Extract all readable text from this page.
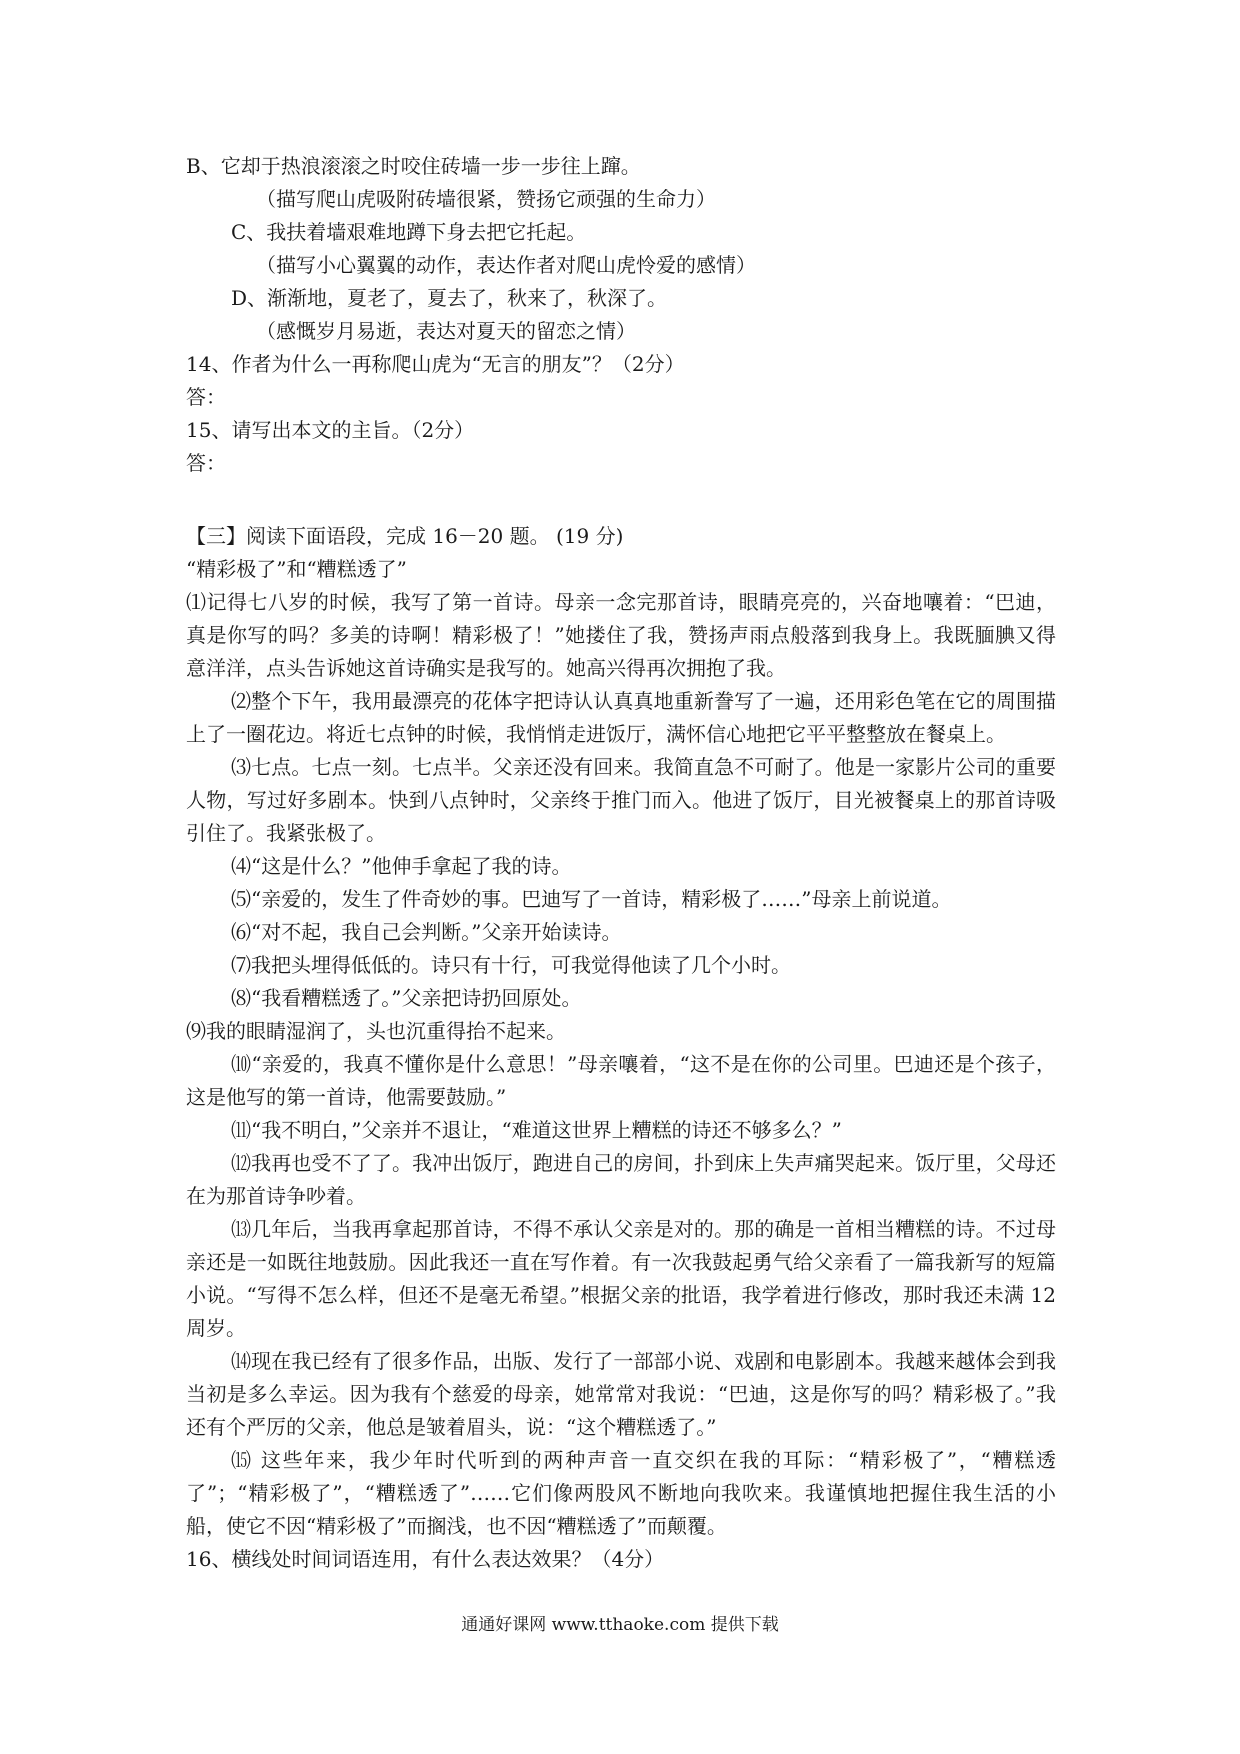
B、它却于热浪滚滚之时咬住砖墙一步一步往上蹿。
（描写爬山虎吸附砖墙很紧，赞扬它顽强的生命力）
C、我扶着墙艰难地蹲下身去把它托起。
（描写小心翼翼的动作，表达作者对爬山虎怜爱的感情）
D、渐渐地，夏老了，夏去了，秋来了，秋深了。
（感慨岁月易逝，表达对夏天的留恋之情）
14、作者为什么一再称爬山虎为“无言的朋友”？（2分）
答：
15、请写出本文的主旨。（2分）
答：
【三】阅读下面语段，完成 16－20 题。 (19 分)
“精彩极了”和“糟糕透了”
⑴记得七八岁的时候，我写了第一首诗。母亲一念完那首诗，眼睛亮亮的，兴奋地嚷着：“巴迪，真是你写的吗？多美的诗啊！精彩极了！”她搂住了我，赞扬声雨点般落到我身上。我既腼腆又得意洋洋，点头告诉她这首诗确实是我写的。她高兴得再次拥抱了我。
⑵整个下午，我用最漂亮的花体字把诗认认真真地重新誊写了一遍，还用彩色笔在它的周围描上了一圈花边。将近七点钟的时候，我悄悄走进饭厅，满怀信心地把它平平整整放在餐桌上。
⑶七点。七点一刻。七点半。父亲还没有回来。我简直急不可耐了。他是一家影片公司的重要人物，写过好多剧本。快到八点钟时，父亲终于推门而入。他进了饭厅，目光被餐桌上的那首诗吸引住了。我紧张极了。
⑷“这是什么？”他伸手拿起了我的诗。
⑸“亲爱的，发生了件奇妙的事。巴迪写了一首诗，精彩极了……”母亲上前说道。
⑹“对不起，我自己会判断。”父亲开始读诗。
⑺我把头埋得低低的。诗只有十行，可我觉得他读了几个小时。
⑻“我看糟糕透了。”父亲把诗扔回原处。
⑼我的眼睛湿润了，头也沉重得抬不起来。
⑽“亲爱的，我真不懂你是什么意思！”母亲嚷着，“这不是在你的公司里。巴迪还是个孩子，这是他写的第一首诗，他需要鼓励。”
⑾“我不明白，”父亲并不退让，“难道这世界上糟糕的诗还不够多么？”
⑿我再也受不了了。我冲出饭厅，跑进自己的房间，扑到床上失声痛哭起来。饭厅里，父母还在为那首诗争吵着。
⒀几年后，当我再拿起那首诗，不得不承认父亲是对的。那的确是一首相当糟糕的诗。不过母亲还是一如既往地鼓励。因此我还一直在写作着。有一次我鼓起勇气给父亲看了一篇我新写的短篇小说。“写得不怎么样，但还不是毫无希望。”根据父亲的批语，我学着进行修改，那时我还未满 12 周岁。
⒁现在我已经有了很多作品，出版、发行了一部部小说、戏剧和电影剧本。我越来越体会到我当初是多么幸运。因为我有个慈爱的母亲，她常常对我说：“巴迪，这是你写的吗？精彩极了。”我还有个严厉的父亲，他总是皱着眉头，说：“这个糟糕透了。”
⒂ 这些年来，我少年时代听到的两种声音一直交织在我的耳际：“精彩极了”，“糟糕透了”；“精彩极了”，“糟糕透了”……它们像两股风不断地向我吹来。我谨慎地把握住我生活的小船，使它不因“精彩极了”而搁浅，也不因“糟糕透了”而颠覆。
16、横线处时间词语连用，有什么表达效果？（4分）
通通好课网 www.tthaoke.com 提供下载
